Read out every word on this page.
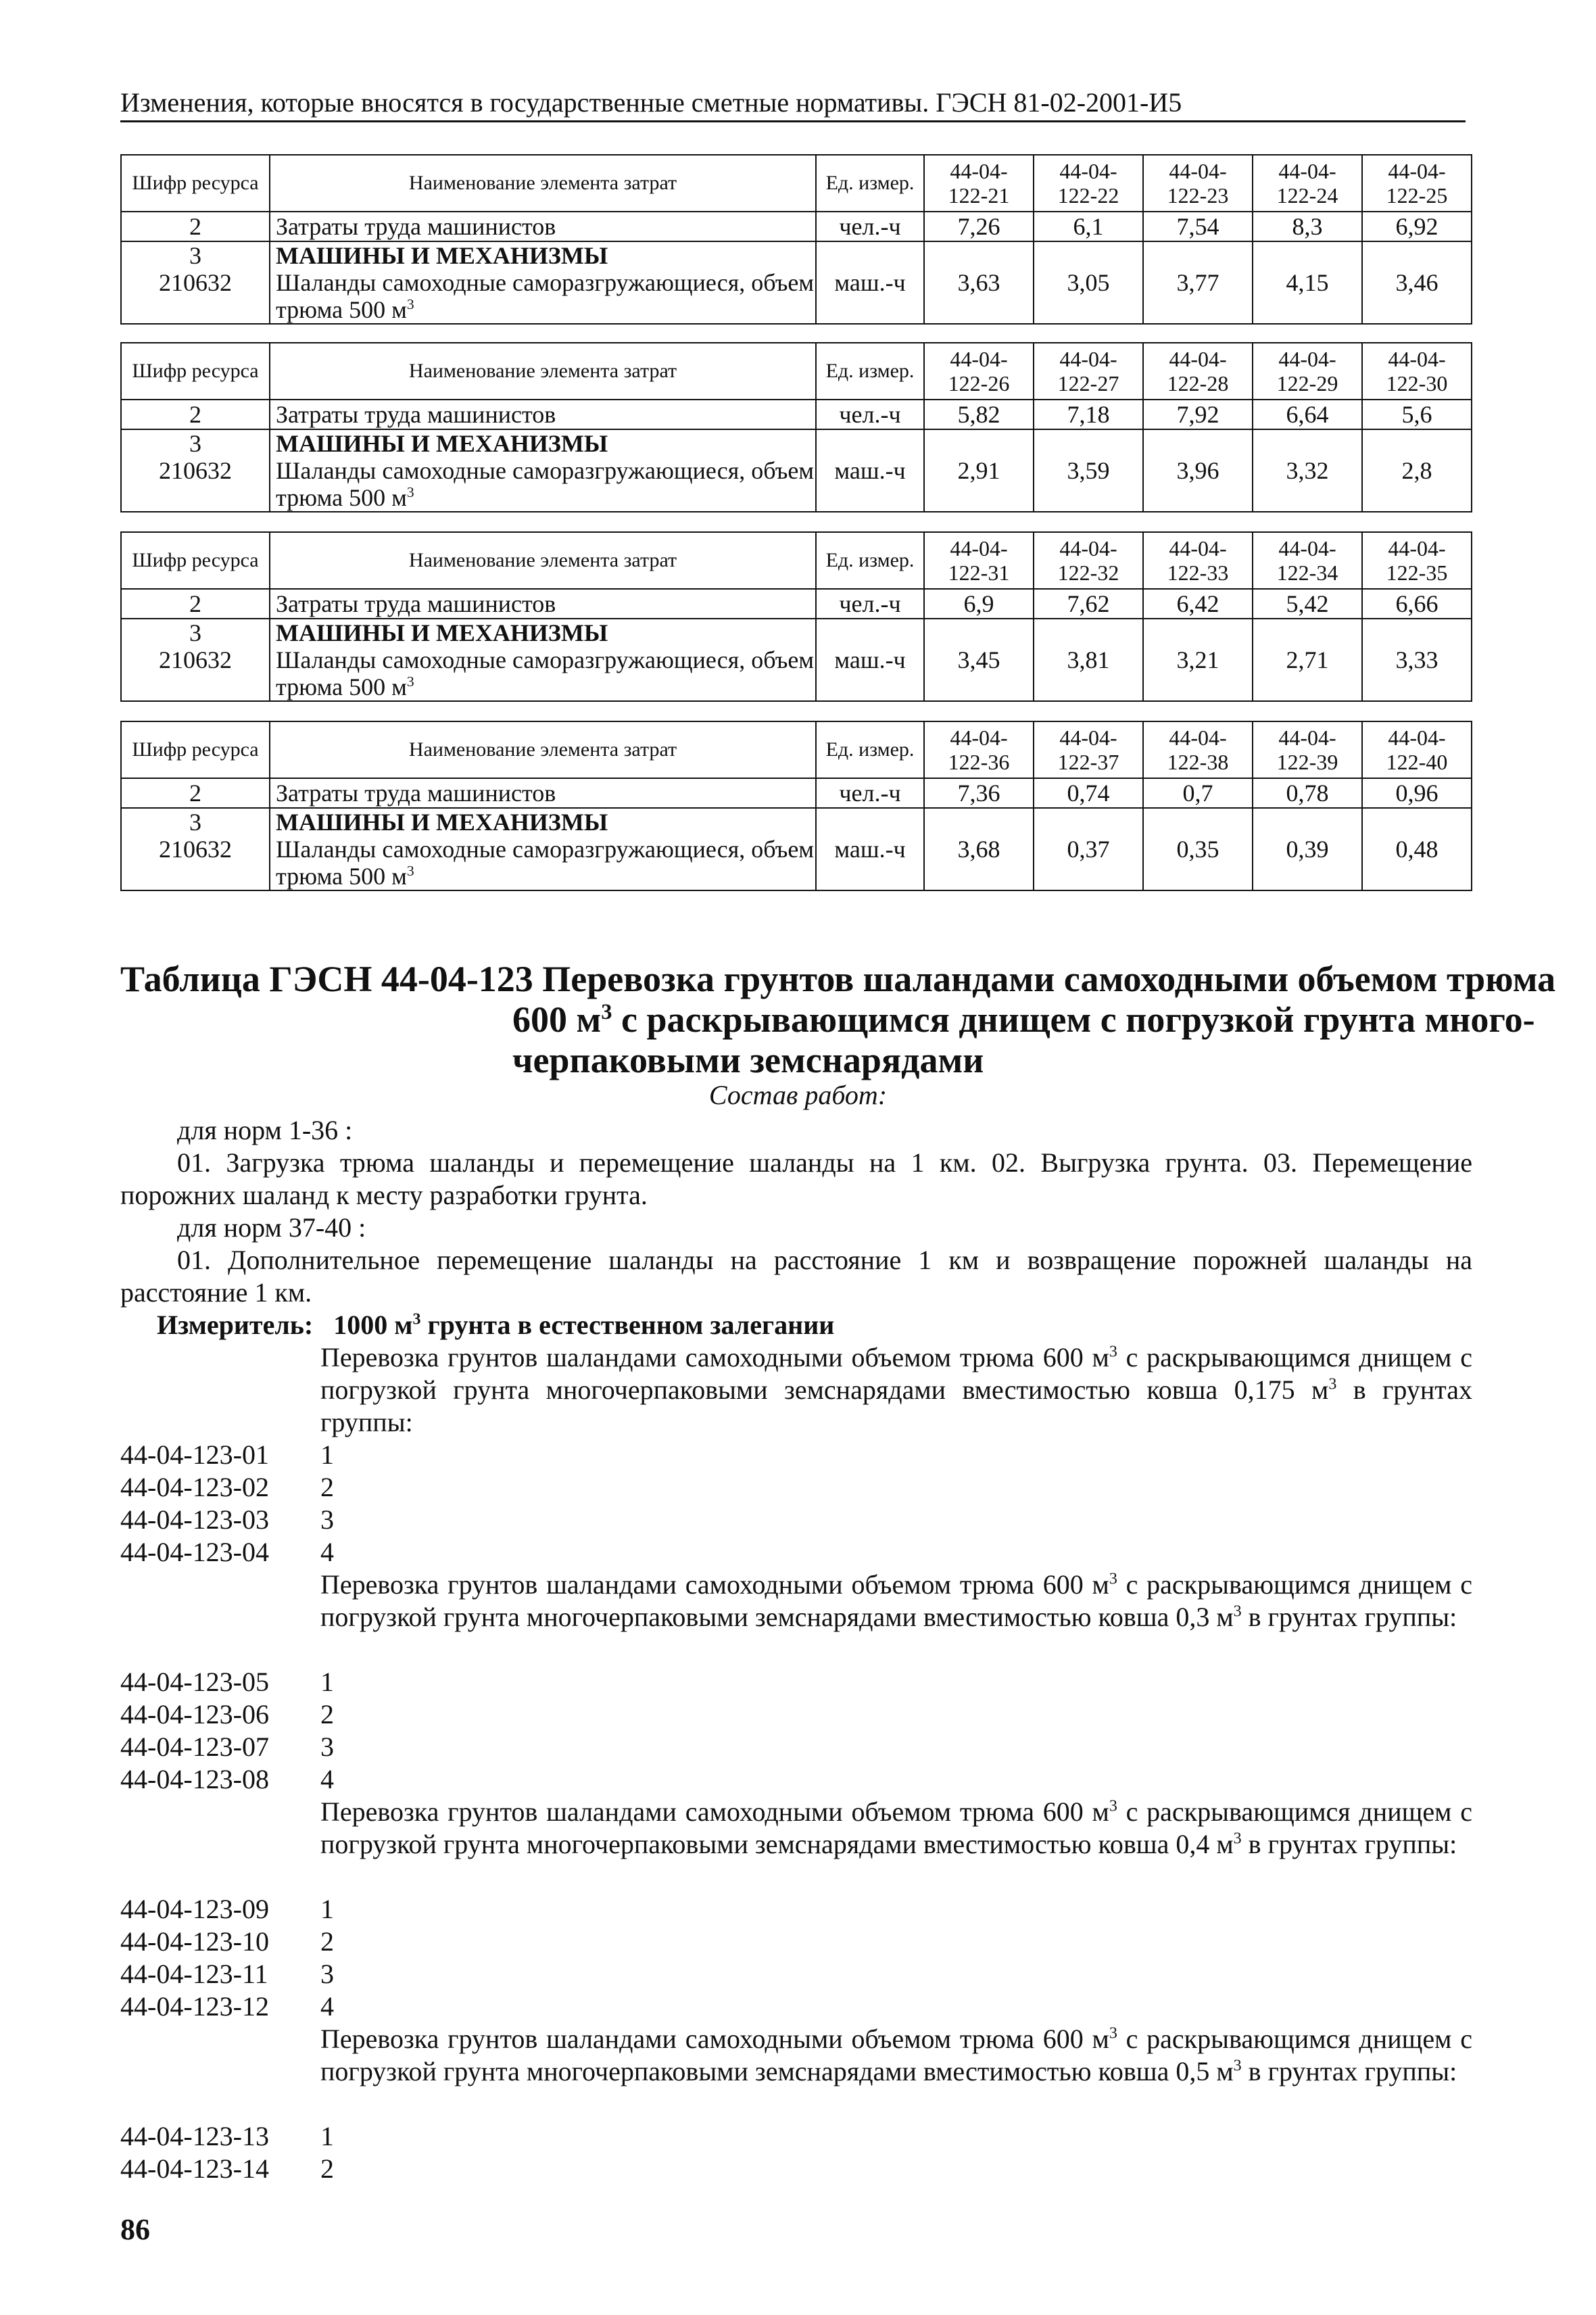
Изменения, которые вносятся в государственные сметные нормативы. ГЭСН 81-02-2001-И5
Шифр ресурса	Наименование элемента затрат	Ед. измер.	44-04-
122-21	44-04-
122-22	44-04-
122-23	44-04-
122-24	44-04-
122-25
2	Затраты труда машинистов	чел.-ч	7,26	6,1	7,54	8,3	6,92
3
210632	МАШИНЫ И МЕХАНИЗМЫ
Шаланды самоходные саморазгружающиеся, объем трюма 500 $м^3$	маш.-ч	3,63	3,05	3,77	4,15	3,46
Шифр ресурса	Наименование элемента затрат	Ед. измер.	44-04-
122-26	44-04-
122-27	44-04-
122-28	44-04-
122-29	44-04-
122-30
2	Затраты труда машинистов	чел.-ч	5,82	7,18	7,92	6,64	5,6
3
210632	МАШИНЫ И МЕХАНИЗМЫ
Шаланды самоходные саморазгружающиеся, объем трюма 500 $м^3$	маш.-ч	2,91	3,59	3,96	3,32	2,8
Шифр ресурса	Наименование элемента затрат	Ед. измер.	44-04-
122-31	44-04-
122-32	44-04-
122-33	44-04-
122-34	44-04-
122-35
2	Затраты труда машинистов	чел.-ч	6,9	7,62	6,42	5,42	6,66
3
210632	МАШИНЫ И МЕХАНИЗМЫ
Шаланды самоходные саморазгружающиеся, объем трюма 500 $м^3$	маш.-ч	3,45	3,81	3,21	2,71	3,33
Шифр ресурса	Наименование элемента затрат	Ед. измер.	44-04-
122-36	44-04-
122-37	44-04-
122-38	44-04-
122-39	44-04-
122-40
2	Затраты труда машинистов	чел.-ч	7,36	0,74	0,7	0,78	0,96
3
210632	МАШИНЫ И МЕХАНИЗМЫ
Шаланды самоходные саморазгружающиеся, объем трюма 500 $м^3$	маш.-ч	3,68	0,37	0,35	0,39	0,48
Таблица ГЭСН 44-04-123 Перевозка грунтов шаландами самоходными объемом трюма
600 $м^3$ с раскрывающимся днищем с погрузкой грунта много-
черпаковыми земснарядами
Состав работ:
для норм 1-36 :
01. Загрузка трюма шаланды и перемещение шаланды на 1 км. 02. Выгрузка грунта. 03. Перемещение порожних шаланд к месту разработки грунта.
для норм 37-40 :
01. Дополнительное перемещение шаланды на расстояние 1 км и возвращение порожней шаланды на расстояние 1 км.
Измеритель: 1000 $м^3$ грунта в естественном залегании
Перевозка грунтов шаландами самоходными объемом трюма 600 $м^3$ с раскрывающимся днищем с погрузкой грунта многочерпаковыми земснарядами вместимостью ковша 0,175 $м^3$ в грунтах группы:
44-04-123-01	1
44-04-123-02	2
44-04-123-03	3
44-04-123-04	4
Перевозка грунтов шаландами самоходными объемом трюма 600 $м^3$ с раскрывающимся днищем с погрузкой грунта многочерпаковыми земснарядами вместимостью ковша 0,3 $м^3$ в грунтах группы:
44-04-123-05	1
44-04-123-06	2
44-04-123-07	3
44-04-123-08	4
Перевозка грунтов шаландами самоходными объемом трюма 600 $м^3$ с раскрывающимся днищем с погрузкой грунта многочерпаковыми земснарядами вместимостью ковша 0,4 $м^3$ в грунтах группы:
44-04-123-09	1
44-04-123-10	2
44-04-123-11	3
44-04-123-12	4
Перевозка грунтов шаландами самоходными объемом трюма 600 $м^3$ с раскрывающимся днищем с погрузкой грунта многочерпаковыми земснарядами вместимостью ковша 0,5 $м^3$ в грунтах группы:
44-04-123-13	1
44-04-123-14	2
86
